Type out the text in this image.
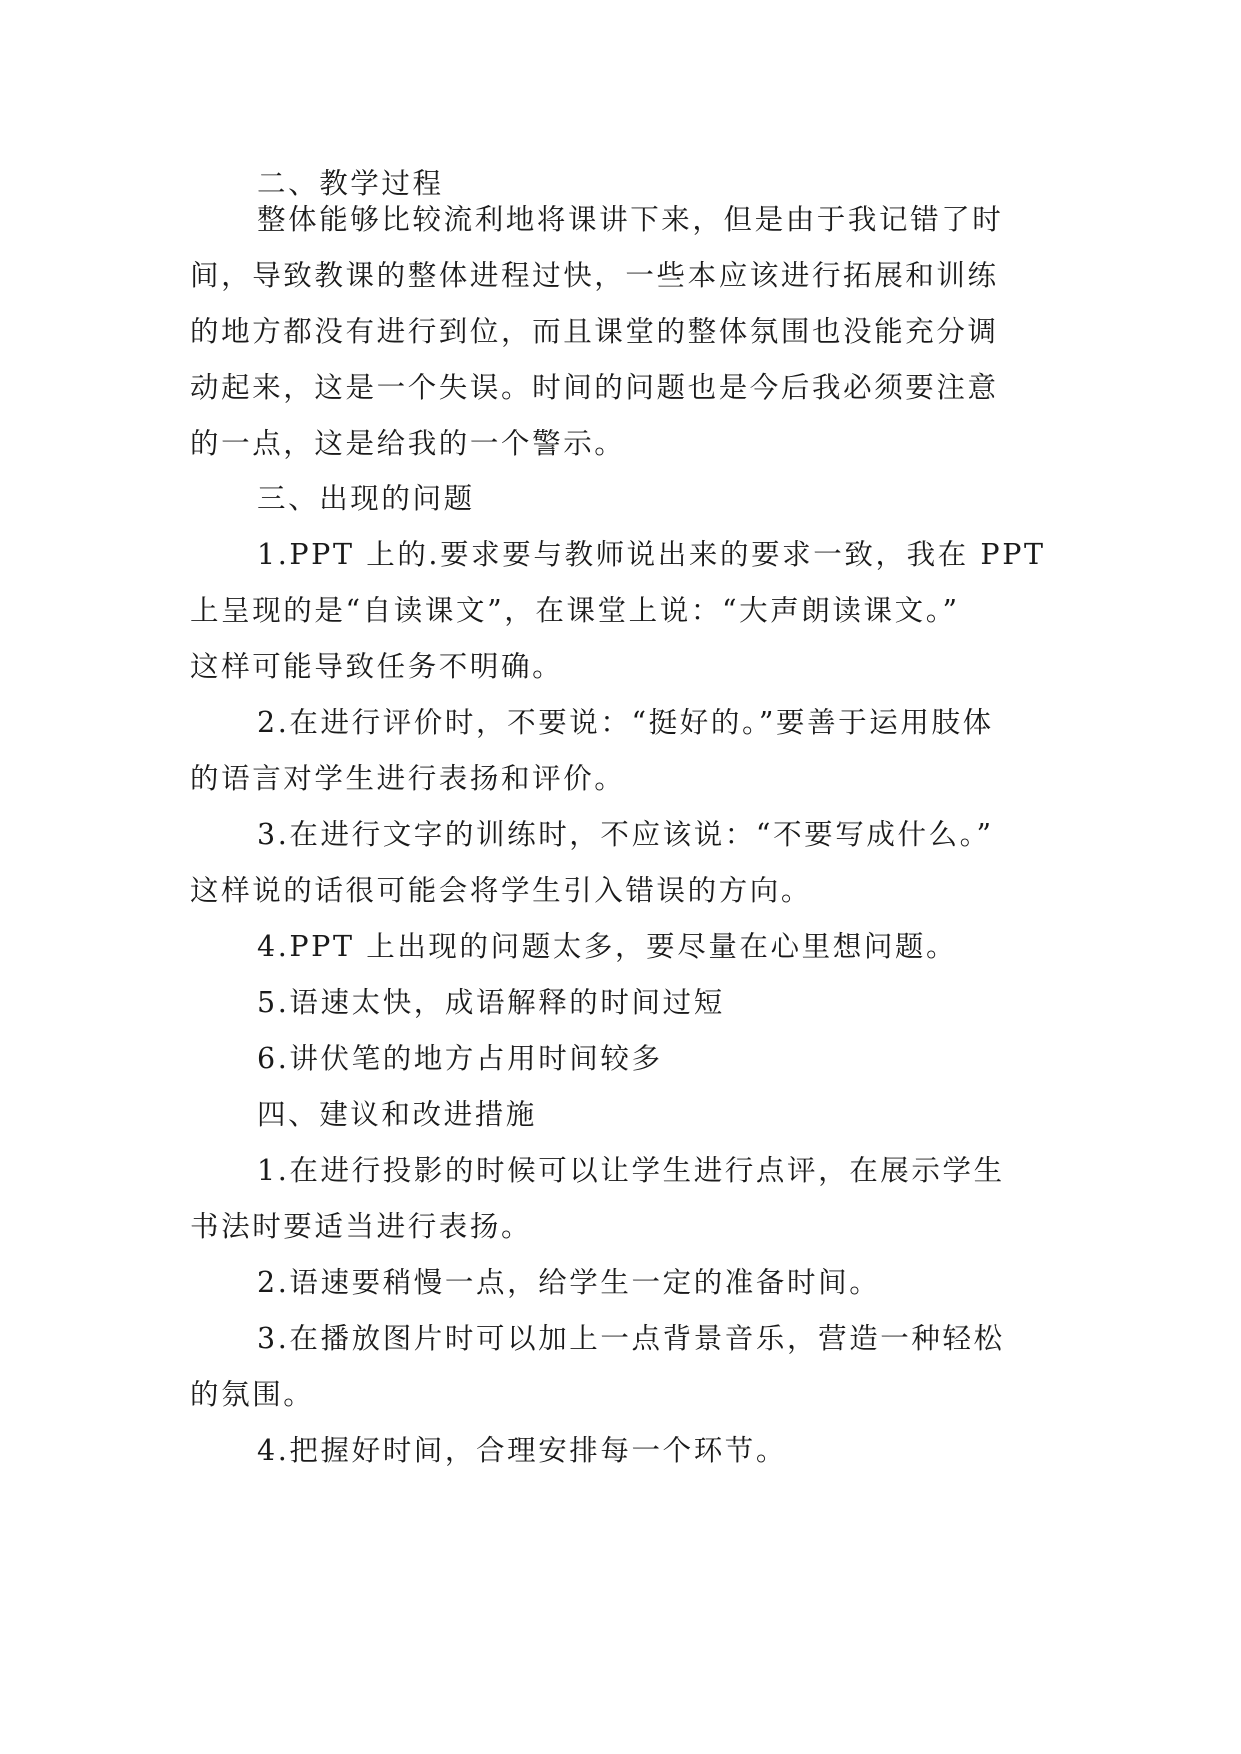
二、教学过程
整体能够比较流利地将课讲下来，但是由于我记错了时
间，导致教课的整体进程过快，一些本应该进行拓展和训练
的地方都没有进行到位，而且课堂的整体氛围也没能充分调
动起来，这是一个失误。时间的问题也是今后我必须要注意
的一点，这是给我的一个警示。
三、出现的问题
1.PPT 上的.要求要与教师说出来的要求一致，我在 PPT
上呈现的是“自读课文”，在课堂上说：“大声朗读课文。”
这样可能导致任务不明确。
2.在进行评价时，不要说：“挺好的。”要善于运用肢体
的语言对学生进行表扬和评价。
3.在进行文字的训练时，不应该说：“不要写成什么。”
这样说的话很可能会将学生引入错误的方向。
4.PPT 上出现的问题太多，要尽量在心里想问题。
5.语速太快，成语解释的时间过短
6.讲伏笔的地方占用时间较多
四、建议和改进措施
1.在进行投影的时候可以让学生进行点评，在展示学生
书法时要适当进行表扬。
2.语速要稍慢一点，给学生一定的准备时间。
3.在播放图片时可以加上一点背景音乐，营造一种轻松
的氛围。
4.把握好时间，合理安排每一个环节。
